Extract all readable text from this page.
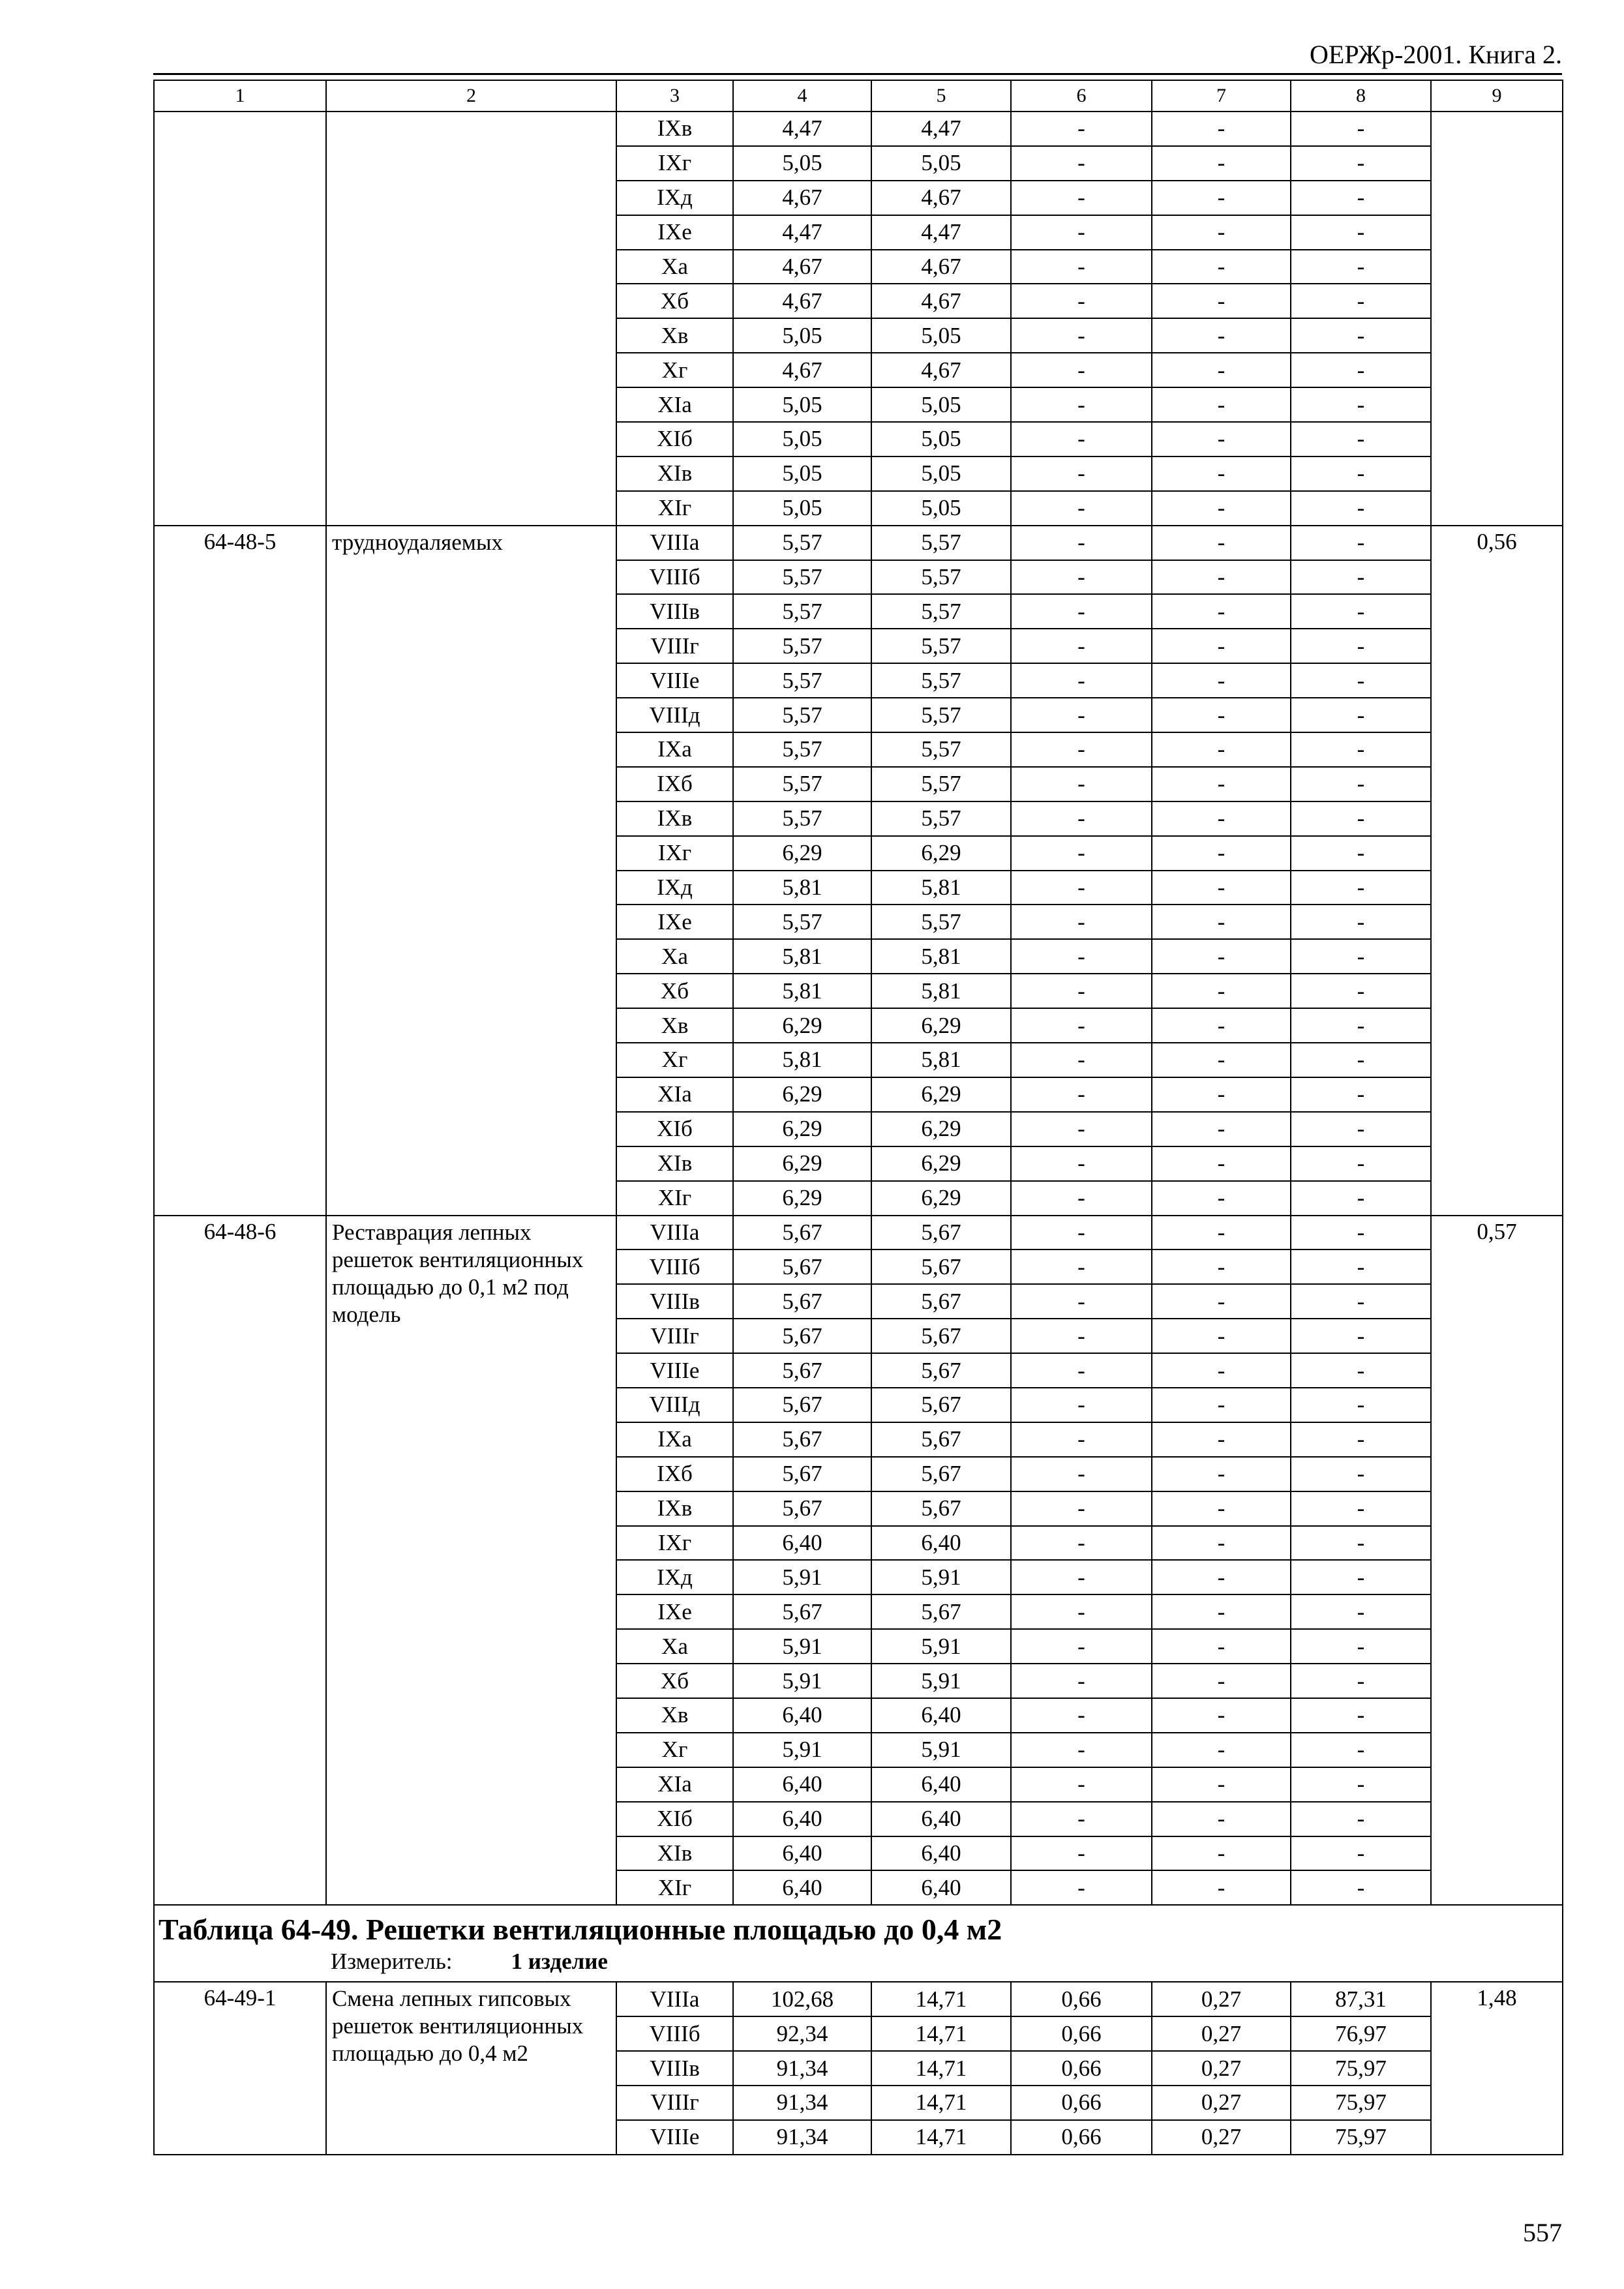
ОЕРЖр-2001. Книга 2.
1	2	3	4	5	6	7	8	9
		IXв	4,47	4,47	-	-	-	
		IXг	5,05	5,05	-	-	-	
		IXд	4,67	4,67	-	-	-	
		IXе	4,47	4,47	-	-	-	
		Xа	4,67	4,67	-	-	-	
		Xб	4,67	4,67	-	-	-	
		Xв	5,05	5,05	-	-	-	
		Xг	4,67	4,67	-	-	-	
		XIа	5,05	5,05	-	-	-	
		XIб	5,05	5,05	-	-	-	
		XIв	5,05	5,05	-	-	-	
		XIг	5,05	5,05	-	-	-	
64-48-5	трудноудаляемых	VIIIа	5,57	5,57	-	-	-	0,56
		VIIIб	5,57	5,57	-	-	-	
		VIIIв	5,57	5,57	-	-	-	
		VIIIг	5,57	5,57	-	-	-	
		VIIIе	5,57	5,57	-	-	-	
		VIIIд	5,57	5,57	-	-	-	
		IXа	5,57	5,57	-	-	-	
		IXб	5,57	5,57	-	-	-	
		IXв	5,57	5,57	-	-	-	
		IXг	6,29	6,29	-	-	-	
		IXд	5,81	5,81	-	-	-	
		IXе	5,57	5,57	-	-	-	
		Xа	5,81	5,81	-	-	-	
		Xб	5,81	5,81	-	-	-	
		Xв	6,29	6,29	-	-	-	
		Xг	5,81	5,81	-	-	-	
		XIа	6,29	6,29	-	-	-	
		XIб	6,29	6,29	-	-	-	
		XIв	6,29	6,29	-	-	-	
		XIг	6,29	6,29	-	-	-	
64-48-6	Реставрация лепных решеток вентиляционных площадью до 0,1 м2 под модель	VIIIа	5,67	5,67	-	-	-	0,57
		VIIIб	5,67	5,67	-	-	-	
		VIIIв	5,67	5,67	-	-	-	
		VIIIг	5,67	5,67	-	-	-	
		VIIIе	5,67	5,67	-	-	-	
		VIIIд	5,67	5,67	-	-	-	
		IXа	5,67	5,67	-	-	-	
		IXб	5,67	5,67	-	-	-	
		IXв	5,67	5,67	-	-	-	
		IXг	6,40	6,40	-	-	-	
		IXд	5,91	5,91	-	-	-	
		IXе	5,67	5,67	-	-	-	
		Xа	5,91	5,91	-	-	-	
		Xб	5,91	5,91	-	-	-	
		Xв	6,40	6,40	-	-	-	
		Xг	5,91	5,91	-	-	-	
		XIа	6,40	6,40	-	-	-	
		XIб	6,40	6,40	-	-	-	
		XIв	6,40	6,40	-	-	-	
		XIг	6,40	6,40	-	-	-	

Таблица 64-49. Решетки вентиляционные площадью до 0,4 м2
Измеритель: 1 изделие								

64-49-1	Смена лепных гипсовых решеток вентиляционных площадью до 0,4 м2	VIIIа	102,68	14,71	0,66	0,27	87,31	1,48
		VIIIб	92,34	14,71	0,66	0,27	76,97	
		VIIIв	91,34	14,71	0,66	0,27	75,97	
		VIIIг	91,34	14,71	0,66	0,27	75,97	
		VIIIе	91,34	14,71	0,66	0,27	75,97	
557
